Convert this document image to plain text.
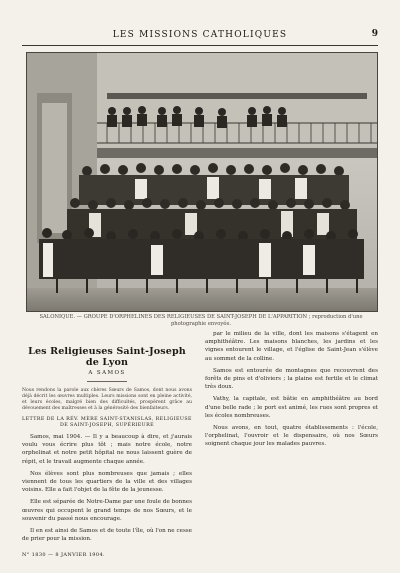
LES MISSIONS CATHOLIQUES	9
SALONIQUE. — GROUPE D'ORPHELINES DES RELIGIEUSES DE SAINT-JOSEPH DE L'APPARITION ; reproduction d'une photographie envoyée.
Les Religieuses Saint-Joseph de Lyon
A SAMOS
Nous rendons la parole aux chères Sœurs de Samos, dont nous avons déjà décrit les œuvres multiples. Leurs missions sont en pleine activité, et leurs écoles, malgré bien des difficultés, prospèrent grâce au dévouement des maîtresses et à la générosité des bienfaiteurs.
LETTRE DE LA RÉV. MÈRE SAINT-STANISLAS, RELIGIEUSE DE SAINT-JOSEPH, SUPÉRIEURE

Samos, mai 1904. — Il y a beaucoup à dire, et j'aurais voulu vous écrire plus tôt ; mais notre école, notre orphelinat et notre petit hôpital ne nous laissent guère de répit, et le travail augmente chaque année.

Nos élèves sont plus nombreuses que jamais ; elles viennent de tous les quartiers de la ville et des villages voisins. Elle a fait l'objet de la fête de la jeunesse.

Elle est séparée de Notre-Dame par une foule de bonnes œuvres qui occupent le grand temps de nos Sœurs, et le souvenir du passé nous encourage.

Il en est ainsi de Samos et de toute l'île, où l'on ne cesse de prier pour la mission.

par le milieu de la ville, dont les maisons s'étagent en amphithéâtre. Les maisons blanches, les jardins et les vignes entourent le village, et l'église de Saint-Jean s'élève au sommet de la colline.

Samos est entourée de montagnes que recouvrent des forêts de pins et d'oliviers ; la plaine est fertile et le climat très doux.

Vathy, la capitale, est bâtie en amphithéâtre au bord d'une belle rade ; le port est animé, les rues sont propres et les écoles nombreuses.

Nous avons, en tout, quatre établissements : l'école, l'orphelinat, l'ouvroir et le dispensaire, où nos Sœurs soignent chaque jour les malades pauvres.

N° 1830 — 8 JANVIER 1904.
